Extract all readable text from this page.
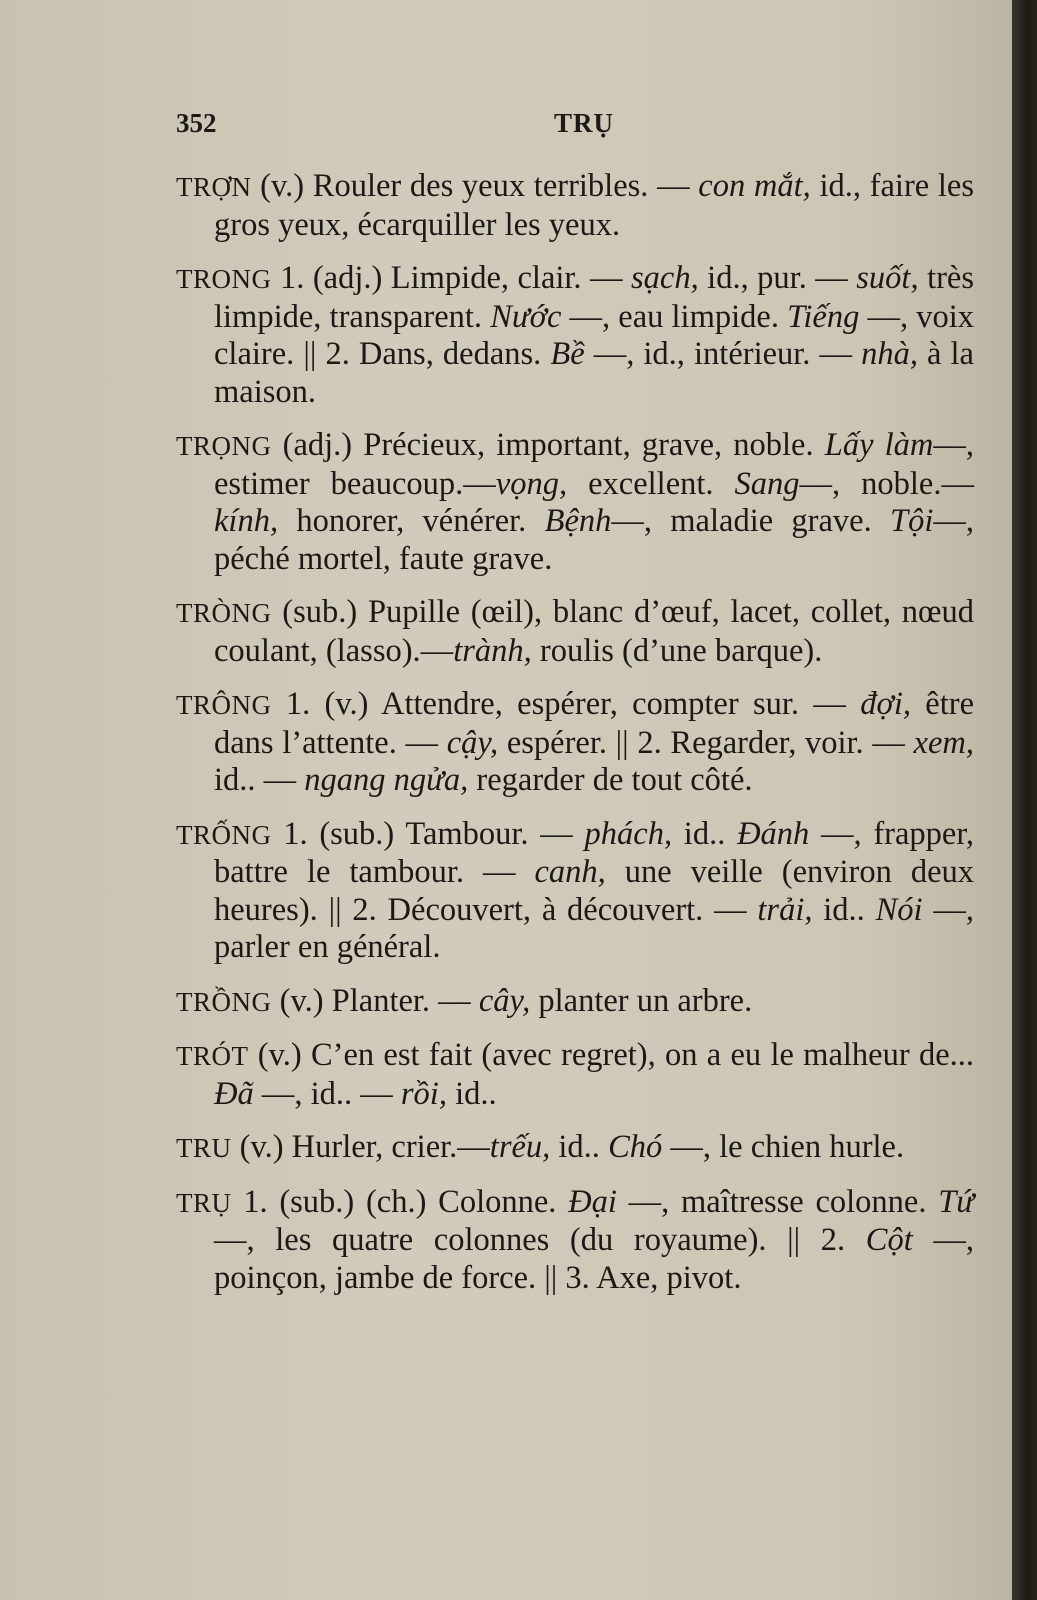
352	TRỤ

TRỢN (v.) Rouler des yeux terribles. — con mắt, id., faire les gros yeux, écarquiller les yeux.

TRONG 1. (adj.) Limpide, clair. — sạch, id., pur. — suốt, très limpide, transparent. Nước —, eau limpide. Tiếng —, voix claire. || 2. Dans, dedans. Bề —, id., intérieur. — nhà, à la maison.

TRỌNG (adj.) Précieux, important, grave, noble. Lấy làm—, estimer beaucoup.—vọng, excellent. Sang—, noble.—kính, honorer, vénérer. Bệnh—, maladie grave. Tội—, péché mortel, faute grave.

TRÒNG (sub.) Pupille (œil), blanc d’œuf, lacet, collet, nœud coulant, (lasso).—trành, roulis (d’une barque).

TRÔNG 1. (v.) Attendre, espérer, compter sur. — đợi, être dans l’attente. — cậy, espérer. || 2. Regarder, voir. — xem, id.. — ngang ngửa, regarder de tout côté.

TRỐNG 1. (sub.) Tambour. — phách, id.. Đánh —, frapper, battre le tambour. — canh, une veille (environ deux heures). || 2. Découvert, à découvert. — trải, id.. Nói —, parler en général.

TRỒNG (v.) Planter. — cây, planter un arbre.

TRÓT (v.) C’en est fait (avec regret), on a eu le malheur de... Đã —, id.. — rồi, id..

TRU (v.) Hurler, crier.—trếu, id.. Chó —, le chien hurle.

TRỤ 1. (sub.) (ch.) Colonne. Đại —, maîtresse colonne. Tứ—, les quatre colonnes (du royaume). || 2. Cột —, poinçon, jambe de force. || 3. Axe, pivot.
